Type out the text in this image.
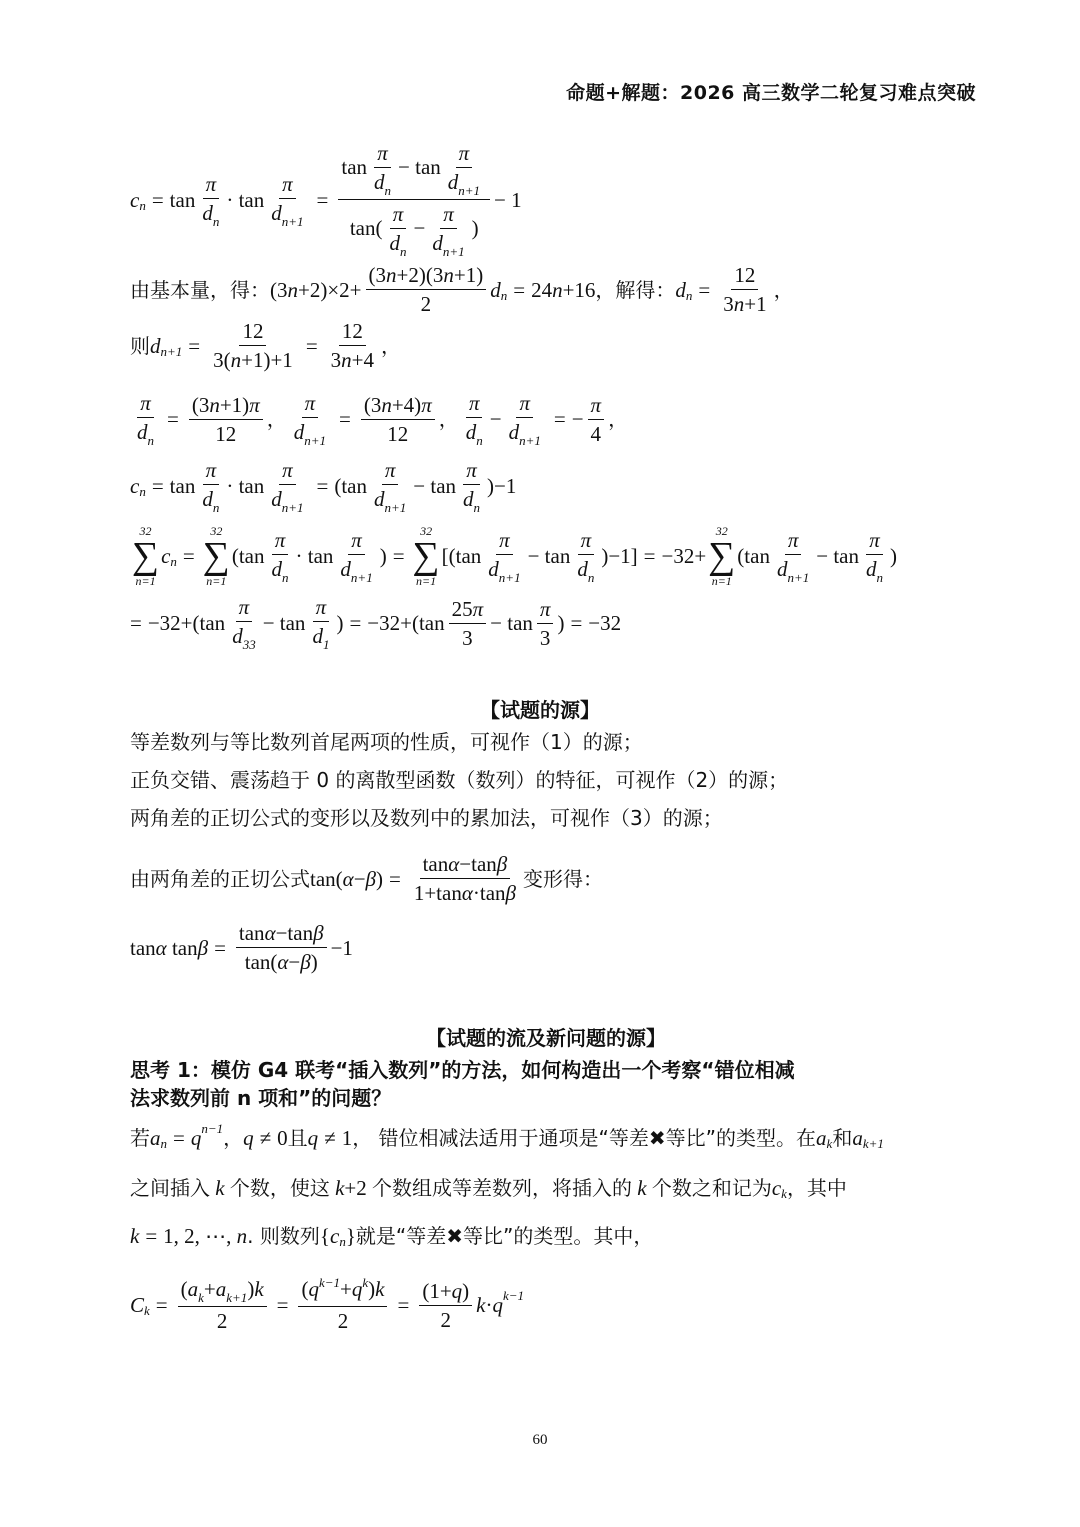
命题+解题：2026 高三数学二轮复习难点突破
c $n = \tan \frac{\pi}{d_n} \cdot \tan \frac{\pi}{d_{n+1}} = \frac{\tan \frac{\pi}{d_n} - \tan \frac{\pi}{d_{n+1}}}{\tan( \frac{\pi}{d_n} - \frac{\pi}{d_{n+1}} )} - 1$
由基本量，得： (3 $n +2)\times 2+ \frac{(3n+2)(3n+1)}{2}$ d n = 24 n +16 ，解得： d $n = \frac{12}{3n+1}$ ，
则 d $n+1 = \frac{12}{3(n+1)+1} = \frac{12}{3n+4}$ ，
$\frac{\pi}{d_n} = \frac{(3n+1)\pi}{12}$ ， $\frac{\pi}{d_{n+1}} = \frac{(3n+4)\pi}{12}$ ， $\frac{\pi}{d_n} - \frac{\pi}{d_{n+1}}$ = − $\frac{\pi}{4}$ ，
c $n = \tan \frac{\pi}{d_n} \cdot \tan \frac{\pi}{d_{n+1}} = (\tan \frac{\pi}{d_{n+1}} - \tan \frac{\pi}{d_n} )-1$
32
∑
n=1
c n =
32
∑
n=1
($\tan \frac{\pi}{d_n} \cdot \tan \frac{\pi}{d_{n+1}}$ ) =
32
∑
n=1
$[(\tan \frac{\pi}{d_{n+1}} - \tan \frac{\pi}{d_n} )-1] = -32+$
32
∑
n=1
($\tan \frac{\pi}{d_{n+1}} - \tan \frac{\pi}{d_n}$ )
= $-32+(\tan \frac{\pi}{d_{33}} - \tan \frac{\pi}{d_1}$ ) = $-32+(\tan \frac{25\pi}{3} - \tan \frac{\pi}{3}$ ) = −32
【试题的源】
等差数列与等比数列首尾两项的性质，可视作（1）的源；
正负交错、震荡趋于 0 的离散型函数（数列）的特征，可视作（2）的源；
两角差的正切公式的变形以及数列中的累加法，可视作（3）的源；
由两角差的正切公式 tan( α − β ) = $\frac{\tan\alpha-\tan\beta}{1+\tan\alpha\cdot\tan\beta}$ 变形得：
tan α $\tan \beta = \frac{\tan\alpha-\tan\beta}{\tan(\alpha-\beta)} -1$
【试题的流及新问题的源】
思考 1：模仿 G4 联考“插入数列”的方法，如何构造出一个考察“错位相减
法求数列前 n 项和”的问题？
若 a n = q n−1 ， q ≠ 0 且 q ≠ 1 ， 错位相减法适用于通项是“等差✖等比”的类型。在 a k 和 a k+1
之间插入 k 个数，使这 k +2 个数组成等差数列，将插入的 k 个数之和记为 c k ，其中
k = 1, 2, ⋯, n . 则数列 { c n } 就是“等差✖等比”的类型。其中，
C $k = \frac{(a_k+a_{k+1})k}{2} = \frac{(q^{k-1}+q^k)k}{2} = \frac{(1+q)}{2}$ k · q k−1
60
